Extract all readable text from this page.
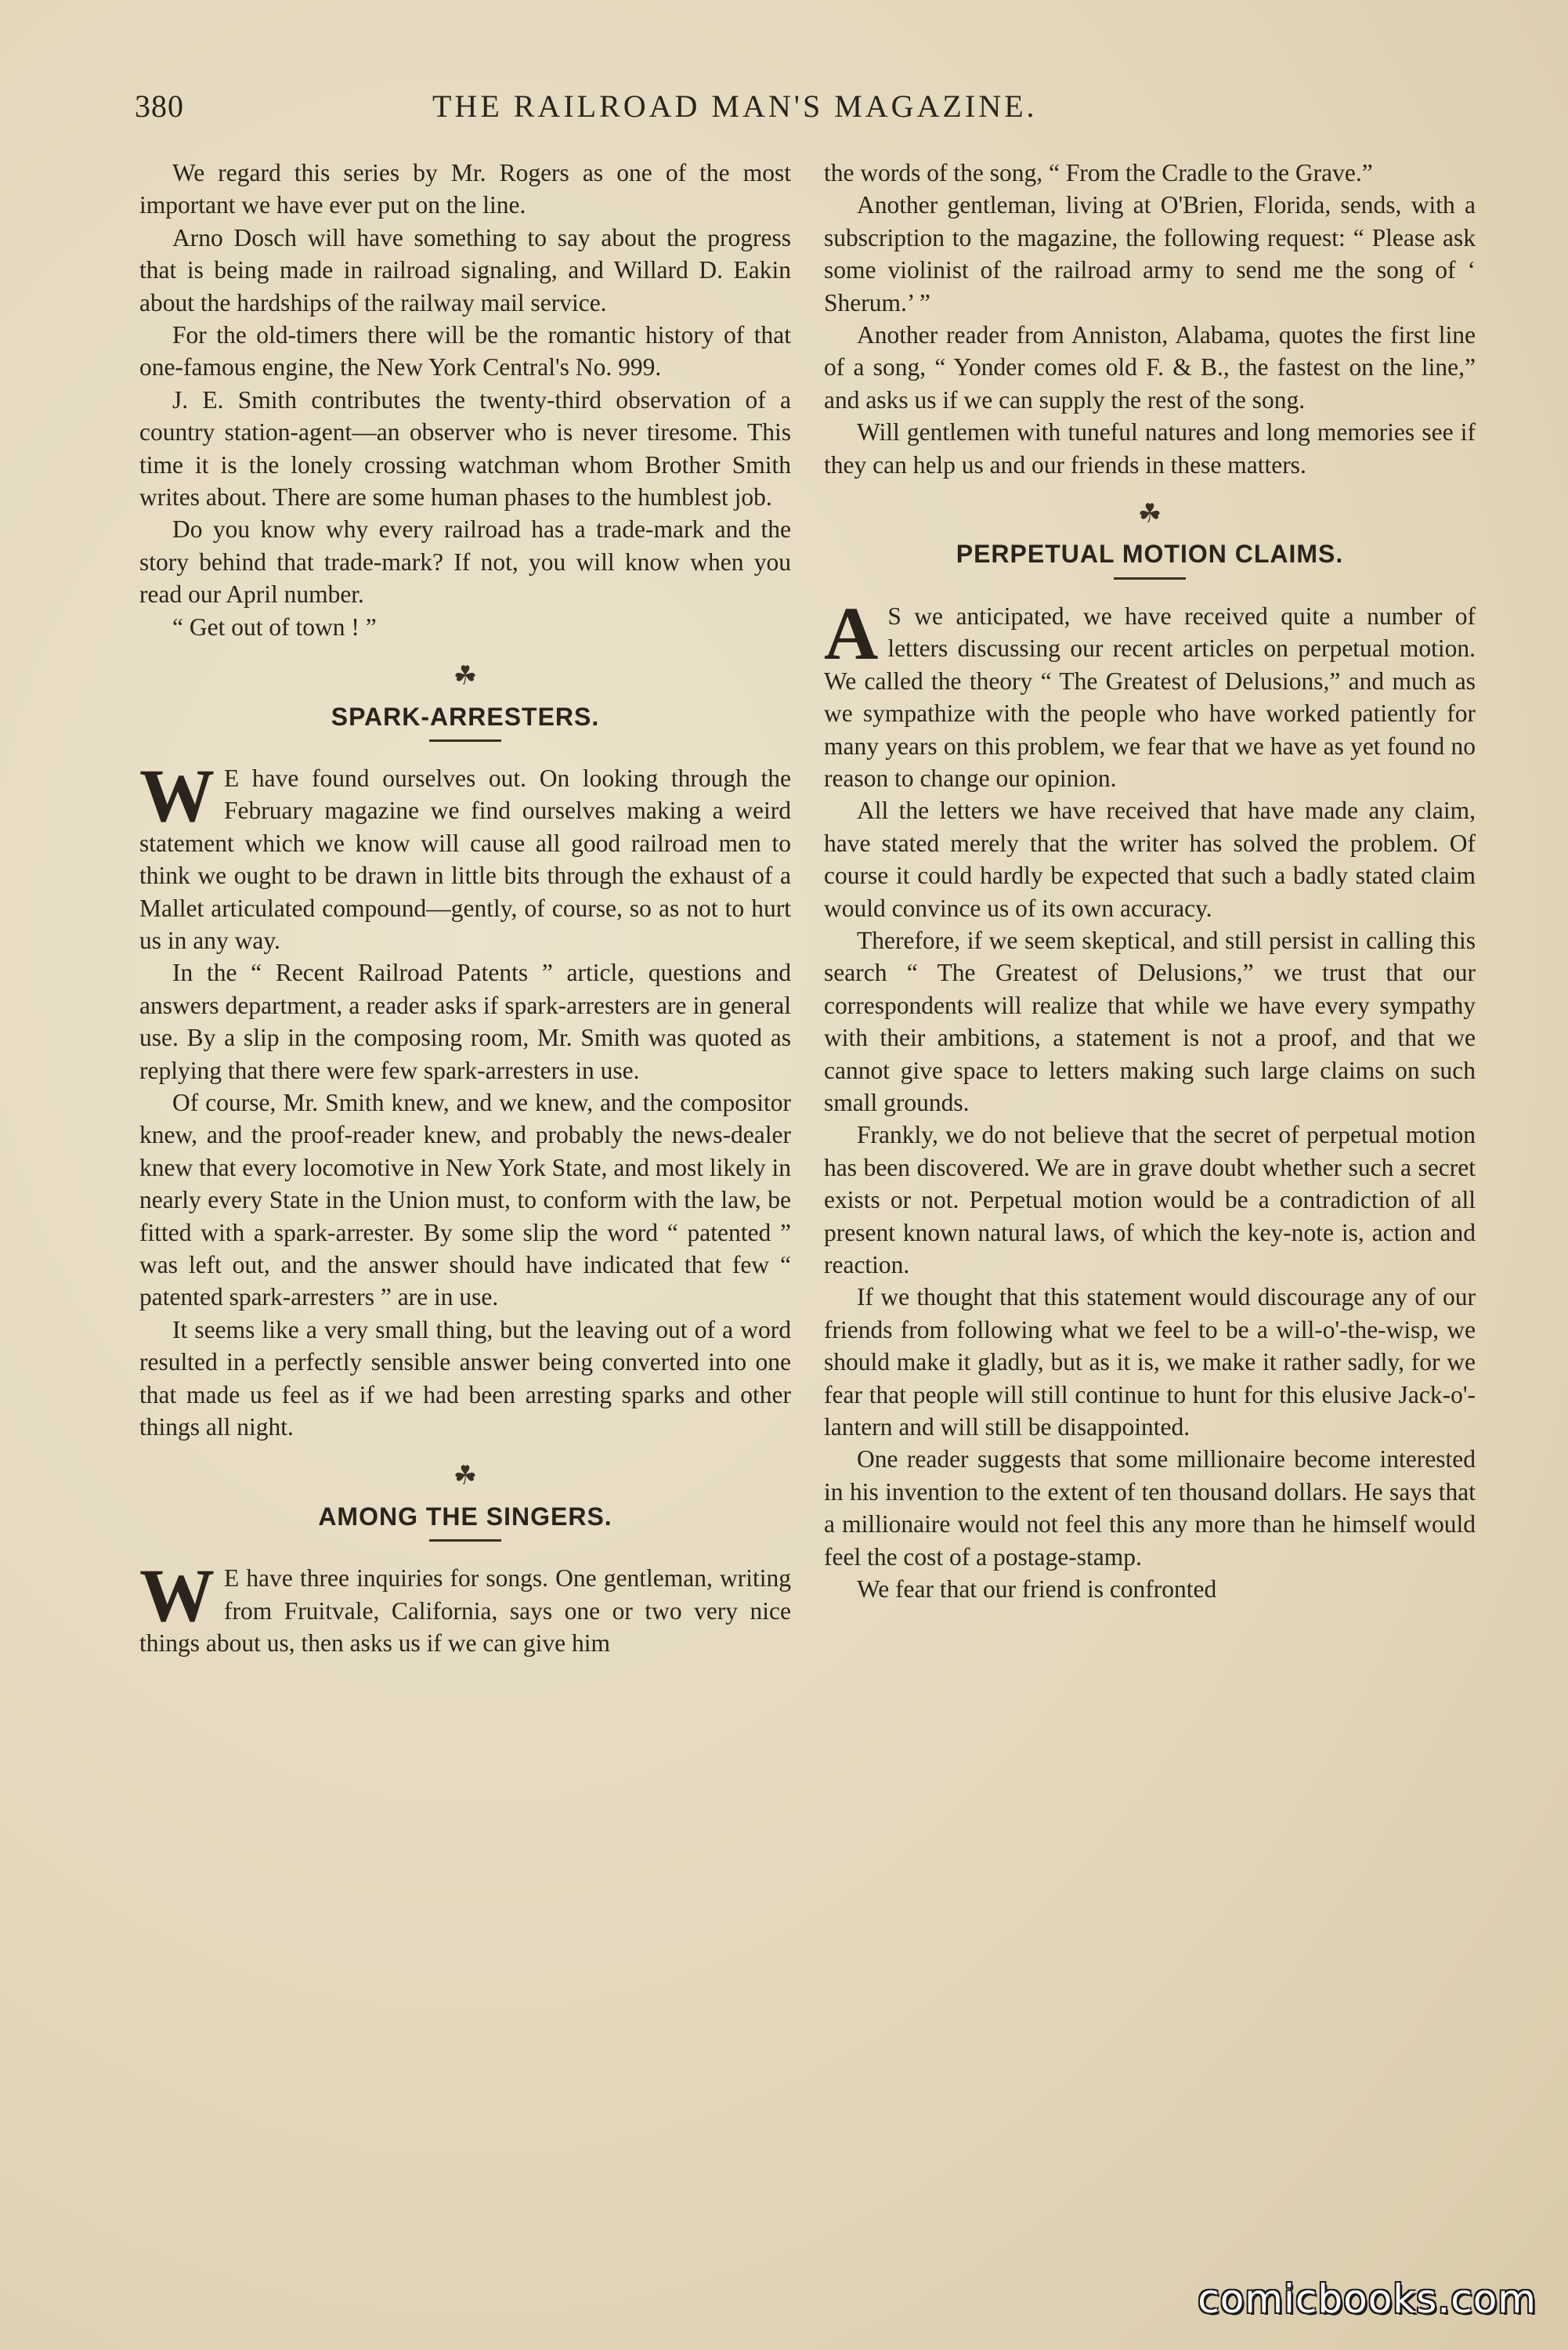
380	THE RAILROAD MAN'S MAGAZINE.

We regard this series by Mr. Rogers as one of the most important we have ever put on the line.

Arno Dosch will have something to say about the progress that is being made in railroad signaling, and Willard D. Eakin about the hardships of the railway mail service.

For the old-timers there will be the romantic history of that one-famous engine, the New York Central's No. 999.

J. E. Smith contributes the twenty-third observation of a country station-agent—an observer who is never tiresome. This time it is the lonely crossing watchman whom Brother Smith writes about. There are some human phases to the humblest job.

Do you know why every railroad has a trade-mark and the story behind that trade-mark? If not, you will know when you read our April number.

“ Get out of town ! ”

☘
SPARK-ARRESTERS.

W E have found ourselves out. On looking through the February magazine we find ourselves making a weird statement which we know will cause all good railroad men to think we ought to be drawn in little bits through the exhaust of a Mallet articulated compound—gently, of course, so as not to hurt us in any way.

In the “ Recent Railroad Patents ” article, questions and answers department, a reader asks if spark-arresters are in general use. By a slip in the composing room, Mr. Smith was quoted as replying that there were few spark-arresters in use.

Of course, Mr. Smith knew, and we knew, and the compositor knew, and the proof-reader knew, and probably the news-dealer knew that every locomotive in New York State, and most likely in nearly every State in the Union must, to conform with the law, be fitted with a spark-arrester. By some slip the word “ patented ” was left out, and the answer should have indicated that few “ patented spark-arresters ” are in use.

It seems like a very small thing, but the leaving out of a word resulted in a perfectly sensible answer being converted into one that made us feel as if we had been arresting sparks and other things all night.

☘
AMONG THE SINGERS.

W E have three inquiries for songs. One gentleman, writing from Fruitvale, California, says one or two very nice things about us, then asks us if we can give him

the words of the song, “ From the Cradle to the Grave.”

Another gentleman, living at O'Brien, Florida, sends, with a subscription to the magazine, the following request: “ Please ask some violinist of the railroad army to send me the song of ‘ Sherum.’ ”

Another reader from Anniston, Alabama, quotes the first line of a song, “ Yonder comes old F. & B., the fastest on the line,” and asks us if we can supply the rest of the song.

Will gentlemen with tuneful natures and long memories see if they can help us and our friends in these matters.

☘
PERPETUAL MOTION CLAIMS.

A S we anticipated, we have received quite a number of letters discussing our recent articles on perpetual motion. We called the theory “ The Greatest of Delusions,” and much as we sympathize with the people who have worked patiently for many years on this problem, we fear that we have as yet found no reason to change our opinion.

All the letters we have received that have made any claim, have stated merely that the writer has solved the problem. Of course it could hardly be expected that such a badly stated claim would convince us of its own accuracy.

Therefore, if we seem skeptical, and still persist in calling this search “ The Greatest of Delusions,” we trust that our correspondents will realize that while we have every sympathy with their ambitions, a statement is not a proof, and that we cannot give space to letters making such large claims on such small grounds.

Frankly, we do not believe that the secret of perpetual motion has been discovered. We are in grave doubt whether such a secret exists or not. Perpetual motion would be a contradiction of all present known natural laws, of which the key-note is, action and reaction.

If we thought that this statement would discourage any of our friends from following what we feel to be a will-o'-the-wisp, we should make it gladly, but as it is, we make it rather sadly, for we fear that people will still continue to hunt for this elusive Jack-o'-lantern and will still be disappointed.

One reader suggests that some millionaire become interested in his invention to the extent of ten thousand dollars. He says that a millionaire would not feel this any more than he himself would feel the cost of a postage-stamp.

We fear that our friend is confronted

comicbooks.com
